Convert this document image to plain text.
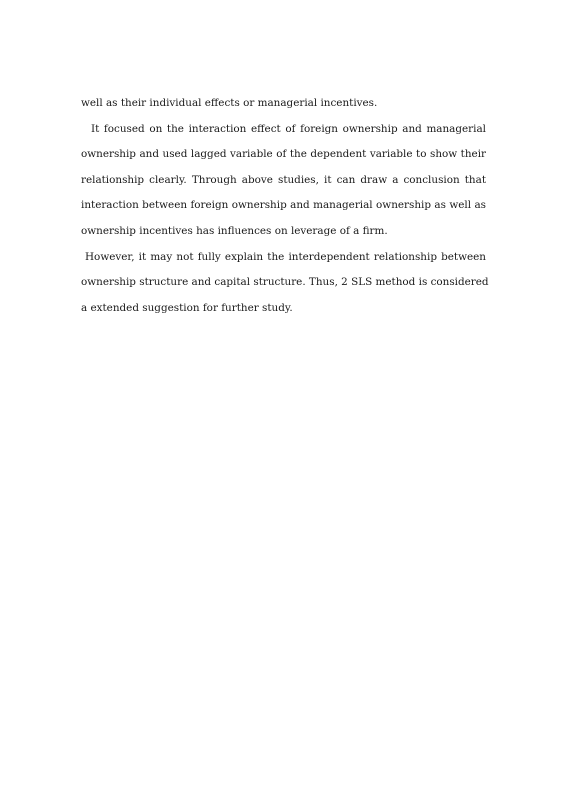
well as their individual effects or managerial incentives.
It focused on the interaction effect of foreign ownership and managerial
ownership and used lagged variable of the dependent variable to show their
relationship clearly. Through above studies, it can draw a conclusion that
interaction between foreign ownership and managerial ownership as well as
ownership incentives has influences on leverage of a firm.
However, it may not fully explain the interdependent relationship between
ownership structure and capital structure. Thus, 2 SLS method is considered
a extended suggestion for further study.
